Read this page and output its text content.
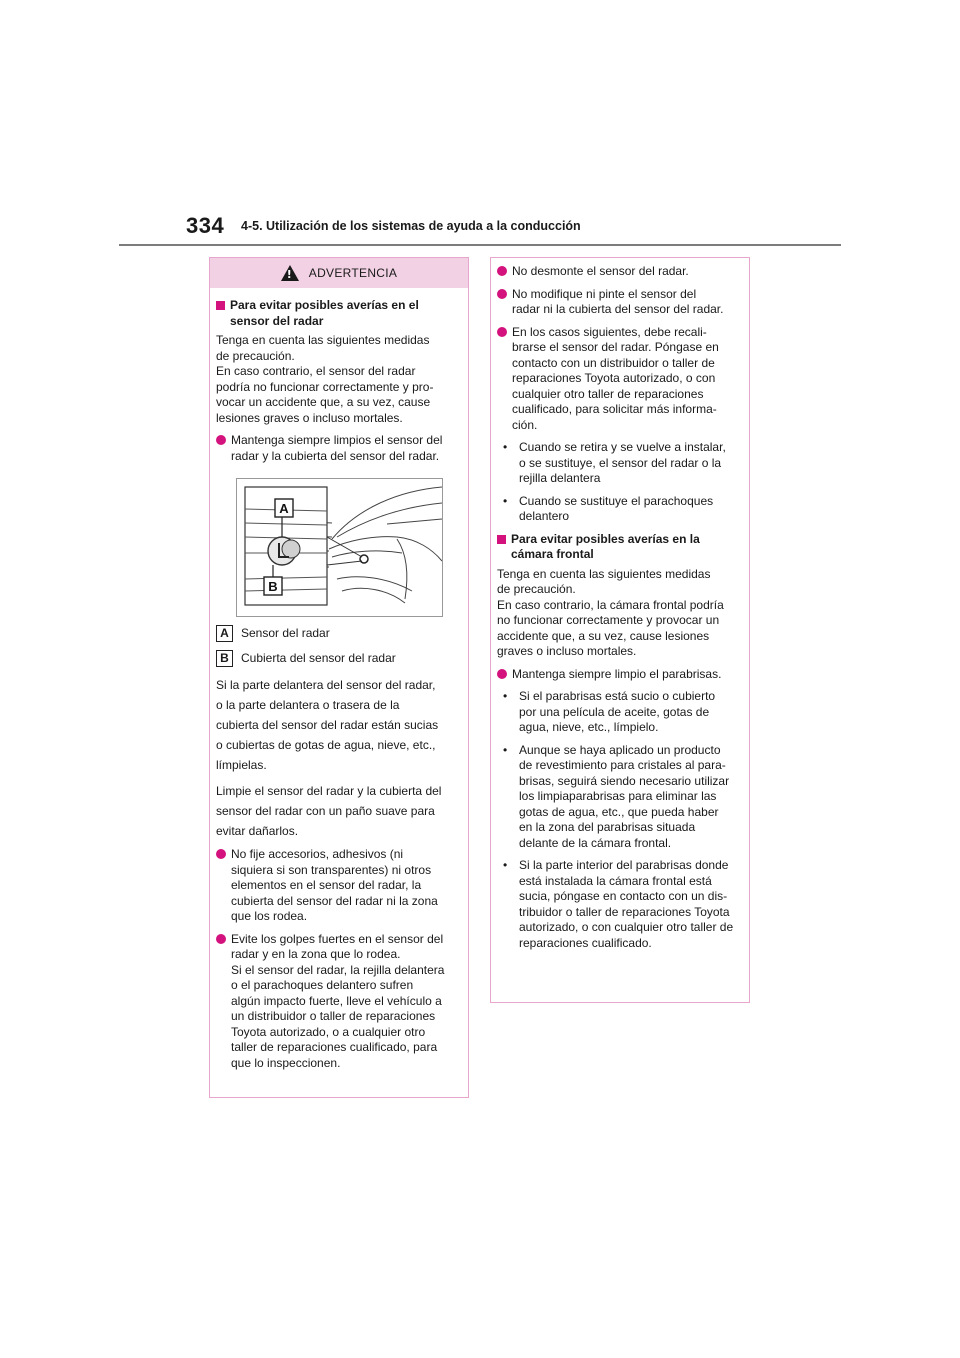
334 4-5. Utilización de los sistemas de ayuda a la conducción
!
ADVERTENCIA
Para evitar posibles averías en el
sensor del radar
Tenga en cuenta las siguientes medidas
de precaución.
En caso contrario, el sensor del radar
podría no funcionar correctamente y pro-
vocar un accidente que, a su vez, cause
lesiones graves o incluso mortales.
Mantenga siempre limpios el sensor del
radar y la cubierta del sensor del radar.
A
B
A	Sensor del radar
B	Cubierta del sensor del radar
Si la parte delantera del sensor del radar,
o la parte delantera o trasera de la
cubierta del sensor del radar están sucias
o cubiertas de gotas de agua, nieve, etc.,
límpielas.
Limpie el sensor del radar y la cubierta del
sensor del radar con un paño suave para
evitar dañarlos.
No fije accesorios, adhesivos (ni
siquiera si son transparentes) ni otros
elementos en el sensor del radar, la
cubierta del sensor del radar ni la zona
que los rodea.
Evite los golpes fuertes en el sensor del
radar y en la zona que lo rodea.
Si el sensor del radar, la rejilla delantera
o el parachoques delantero sufren
algún impacto fuerte, lleve el vehículo a
un distribuidor o taller de reparaciones
Toyota autorizado, o a cualquier otro
taller de reparaciones cualificado, para
que lo inspeccionen.
No desmonte el sensor del radar.
No modifique ni pinte el sensor del
radar ni la cubierta del sensor del radar.
En los casos siguientes, debe recali-
brarse el sensor del radar. Póngase en
contacto con un distribuidor o taller de
reparaciones Toyota autorizado, o con
cualquier otro taller de reparaciones
cualificado, para solicitar más informa-
ción.
• Cuando se retira y se vuelve a instalar,
o se sustituye, el sensor del radar o la
rejilla delantera
• Cuando se sustituye el parachoques
delantero
Para evitar posibles averías en la
cámara frontal
Tenga en cuenta las siguientes medidas
de precaución.
En caso contrario, la cámara frontal podría
no funcionar correctamente y provocar un
accidente que, a su vez, cause lesiones
graves o incluso mortales.
Mantenga siempre limpio el parabrisas.
• Si el parabrisas está sucio o cubierto
por una película de aceite, gotas de
agua, nieve, etc., límpielo.
• Aunque se haya aplicado un producto
de revestimiento para cristales al para-
brisas, seguirá siendo necesario utilizar
los limpiaparabrisas para eliminar las
gotas de agua, etc., que pueda haber
en la zona del parabrisas situada
delante de la cámara frontal.
• Si la parte interior del parabrisas donde
está instalada la cámara frontal está
sucia, póngase en contacto con un dis-
tribuidor o taller de reparaciones Toyota
autorizado, o con cualquier otro taller de
reparaciones cualificado.
